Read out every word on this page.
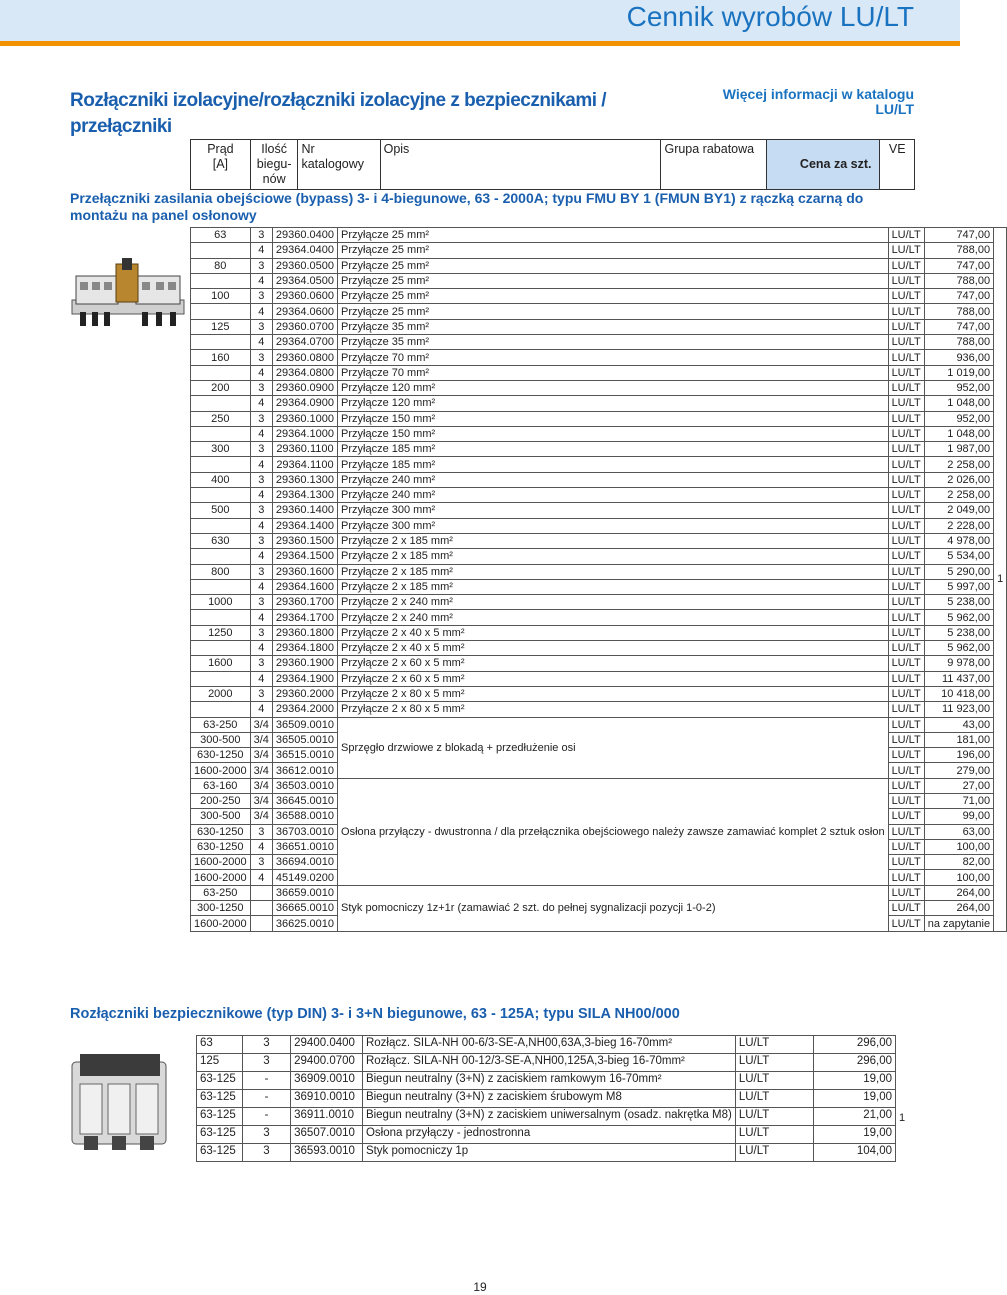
Cennik wyrobów LU/LT
Rozłączniki izolacyjne/rozłączniki izolacyjne z bezpiecznikami / przełączniki
Więcej informacji w katalogu
LU/LT
Prąd
[A]

Ilość
biegu-
nów
	Nr katalogowy	Opis	Grupa rabatowa	Cena za szt.	VE
Przełączniki zasilania obejściowe (bypass) 3- i 4-biegunowe, 63 - 2000A; typu FMU BY 1 (FMUN BY1) z rączką czarną do montażu na panel osłonowy
63	3	29360.0400	Przyłącze 25 mm²	LU/LT	747,00	1
	4	29364.0400	Przyłącze 25 mm²	LU/LT	788,00	
80	3	29360.0500	Przyłącze 25 mm²	LU/LT	747,00	
	4	29364.0500	Przyłącze 25 mm²	LU/LT	788,00	
100	3	29360.0600	Przyłącze 25 mm²	LU/LT	747,00	
	4	29364.0600	Przyłącze 25 mm²	LU/LT	788,00	
125	3	29360.0700	Przyłącze 35 mm²	LU/LT	747,00	
	4	29364.0700	Przyłącze 35 mm²	LU/LT	788,00	
160	3	29360.0800	Przyłącze 70 mm²	LU/LT	936,00	
	4	29364.0800	Przyłącze 70 mm²	LU/LT	1 019,00	
200	3	29360.0900	Przyłącze 120 mm²	LU/LT	952,00	
	4	29364.0900	Przyłącze 120 mm²	LU/LT	1 048,00	
250	3	29360.1000	Przyłącze 150 mm²	LU/LT	952,00	
	4	29364.1000	Przyłącze 150 mm²	LU/LT	1 048,00	
300	3	29360.1100	Przyłącze 185 mm²	LU/LT	1 987,00	
	4	29364.1100	Przyłącze 185 mm²	LU/LT	2 258,00	
400	3	29360.1300	Przyłącze 240 mm²	LU/LT	2 026,00	
	4	29364.1300	Przyłącze 240 mm²	LU/LT	2 258,00	
500	3	29360.1400	Przyłącze 300 mm²	LU/LT	2 049,00	
	4	29364.1400	Przyłącze 300 mm²	LU/LT	2 228,00	
630	3	29360.1500	Przyłącze 2 x 185 mm²	LU/LT	4 978,00	
	4	29364.1500	Przyłącze 2 x 185 mm²	LU/LT	5 534,00	
800	3	29360.1600	Przyłącze 2 x 185 mm²	LU/LT	5 290,00	
	4	29364.1600	Przyłącze 2 x 185 mm²	LU/LT	5 997,00	
1000	3	29360.1700	Przyłącze 2 x 240 mm²	LU/LT	5 238,00	
	4	29364.1700	Przyłącze 2 x 240 mm²	LU/LT	5 962,00	
1250	3	29360.1800	Przyłącze 2 x 40 x 5 mm²	LU/LT	5 238,00	
	4	29364.1800	Przyłącze 2 x 40 x 5 mm²	LU/LT	5 962,00	
1600	3	29360.1900	Przyłącze 2 x 60 x 5 mm²	LU/LT	9 978,00	
	4	29364.1900	Przyłącze 2 x 60 x 5 mm²	LU/LT	11 437,00	
2000	3	29360.2000	Przyłącze 2 x 80 x 5 mm²	LU/LT	10 418,00	
	4	29364.2000	Przyłącze 2 x 80 x 5 mm²	LU/LT	11 923,00	
63-250	3/4	36509.0010	Sprzęgło drzwiowe z blokadą + przedłużenie osi	LU/LT	43,00	
300-500	3/4	36505.0010		LU/LT	181,00	
630-1250	3/4	36515.0010		LU/LT	196,00	
1600-2000	3/4	36612.0010		LU/LT	279,00	
63-160	3/4	36503.0010	Osłona przyłączy - dwustronna / dla przełącznika obejściowego należy zawsze zamawiać komplet 2 sztuk osłon	LU/LT	27,00	
200-250	3/4	36645.0010		LU/LT	71,00	
300-500	3/4	36588.0010		LU/LT	99,00	
630-1250	3	36703.0010		LU/LT	63,00	
630-1250	4	36651.0010		LU/LT	100,00	
1600-2000	3	36694.0010		LU/LT	82,00	
1600-2000	4	45149.0200		LU/LT	100,00	
63-250		36659.0010	Styk pomocniczy 1z+1r (zamawiać 2 szt. do pełnej sygnalizacji pozycji 1-0-2)	LU/LT	264,00	
300-1250		36665.0010		LU/LT	264,00	
1600-2000		36625.0010		LU/LT	na zapytanie	
Rozłączniki bezpiecznikowe (typ DIN) 3- i 3+N biegunowe, 63 - 125A; typu SILA NH00/000
63	3	29400.0400	Rozłącz. SILA-NH 00-6/3-SE-A,NH00,63A,3-bieg 16-70mm²	LU/LT	296,00
125	3	29400.0700	Rozłącz. SILA-NH 00-12/3-SE-A,NH00,125A,3-bieg 16-70mm²	LU/LT	296,00
63-125	-	36909.0010	Biegun neutralny (3+N) z zaciskiem ramkowym 16-70mm²	LU/LT	19,00
63-125	-	36910.0010	Biegun neutralny (3+N) z zaciskiem śrubowym M8	LU/LT	19,00
63-125	-	36911.0010	Biegun neutralny (3+N) z zaciskiem uniwersalnym (osadz. nakrętka M8)	LU/LT	21,00
63-125	3	36507.0010	Osłona przyłączy - jednostronna	LU/LT	19,00
63-125	3	36593.0010	Styk pomocniczy 1p	LU/LT	104,00
1
19
